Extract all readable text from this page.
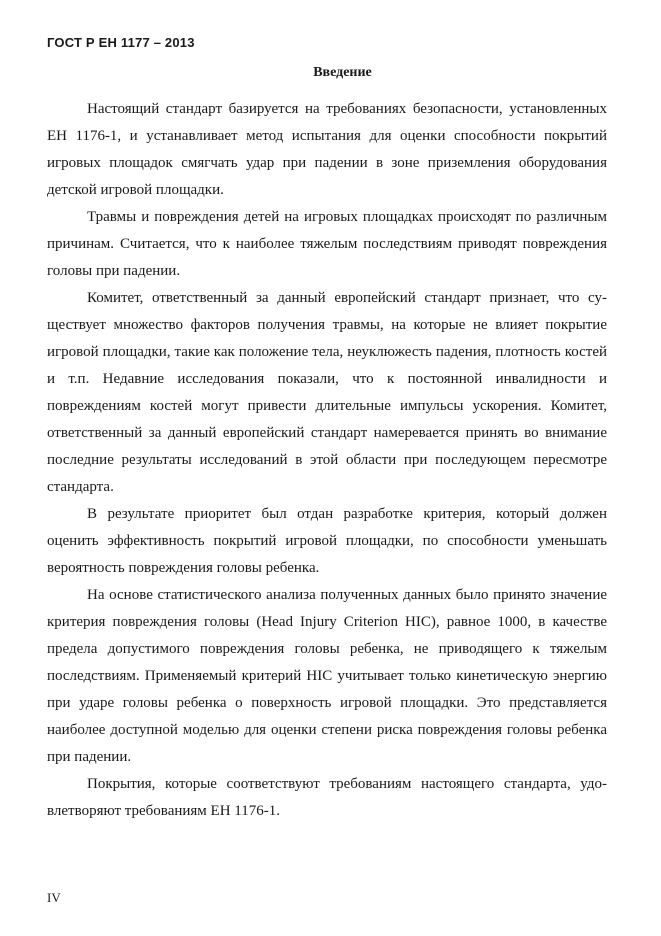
ГОСТ Р ЕН 1177 – 2013
Введение

Настоящий стандарт базируется на требованиях безопасности, установленных ЕН 1176-1, и устанавливает метод испытания для оценки способности покрытий игровых площадок смягчать удар при падении в зоне приземления оборудования детской игровой площадки.

Травмы и повреждения детей на игровых площадках происходят по различным причинам. Считается, что к наиболее тяжелым последствиям приводят повреждения головы при падении.

Комитет, ответственный за данный европейский стандарт признает, что существует множество факторов получения травмы, на которые не влияет покрытие игровой площадки, такие как положение тела, неуклюжесть падения, плотность костей и т.п. Недавние исследования показали, что к постоянной инвалидности и повреждениям костей могут привести длительные импульсы ускорения. Комитет, ответственный за данный европейский стандарт намеревается принять во внимание последние результаты исследований в этой области при последующем пересмотре стандарта.

В результате приоритет был отдан разработке критерия, который должен оценить эффективность покрытий игровой площадки, по способности уменьшать вероятность повреждения головы ребенка.

На основе статистического анализа полученных данных было принято значение критерия повреждения головы (Head Injury Criterion HIC), равное 1000, в качестве предела допустимого повреждения головы ребенка, не приводящего к тяжелым последствиям. Применяемый критерий HIC учитывает только кинетическую энергию при ударе головы ребенка о поверхность игровой площадки. Это представляется наиболее доступной моделью для оценки степени риска повреждения головы ребенка при падении.

Покрытия, которые соответствуют требованиям настоящего стандарта, удовлетворяют требованиям ЕН 1176-1.

IV
